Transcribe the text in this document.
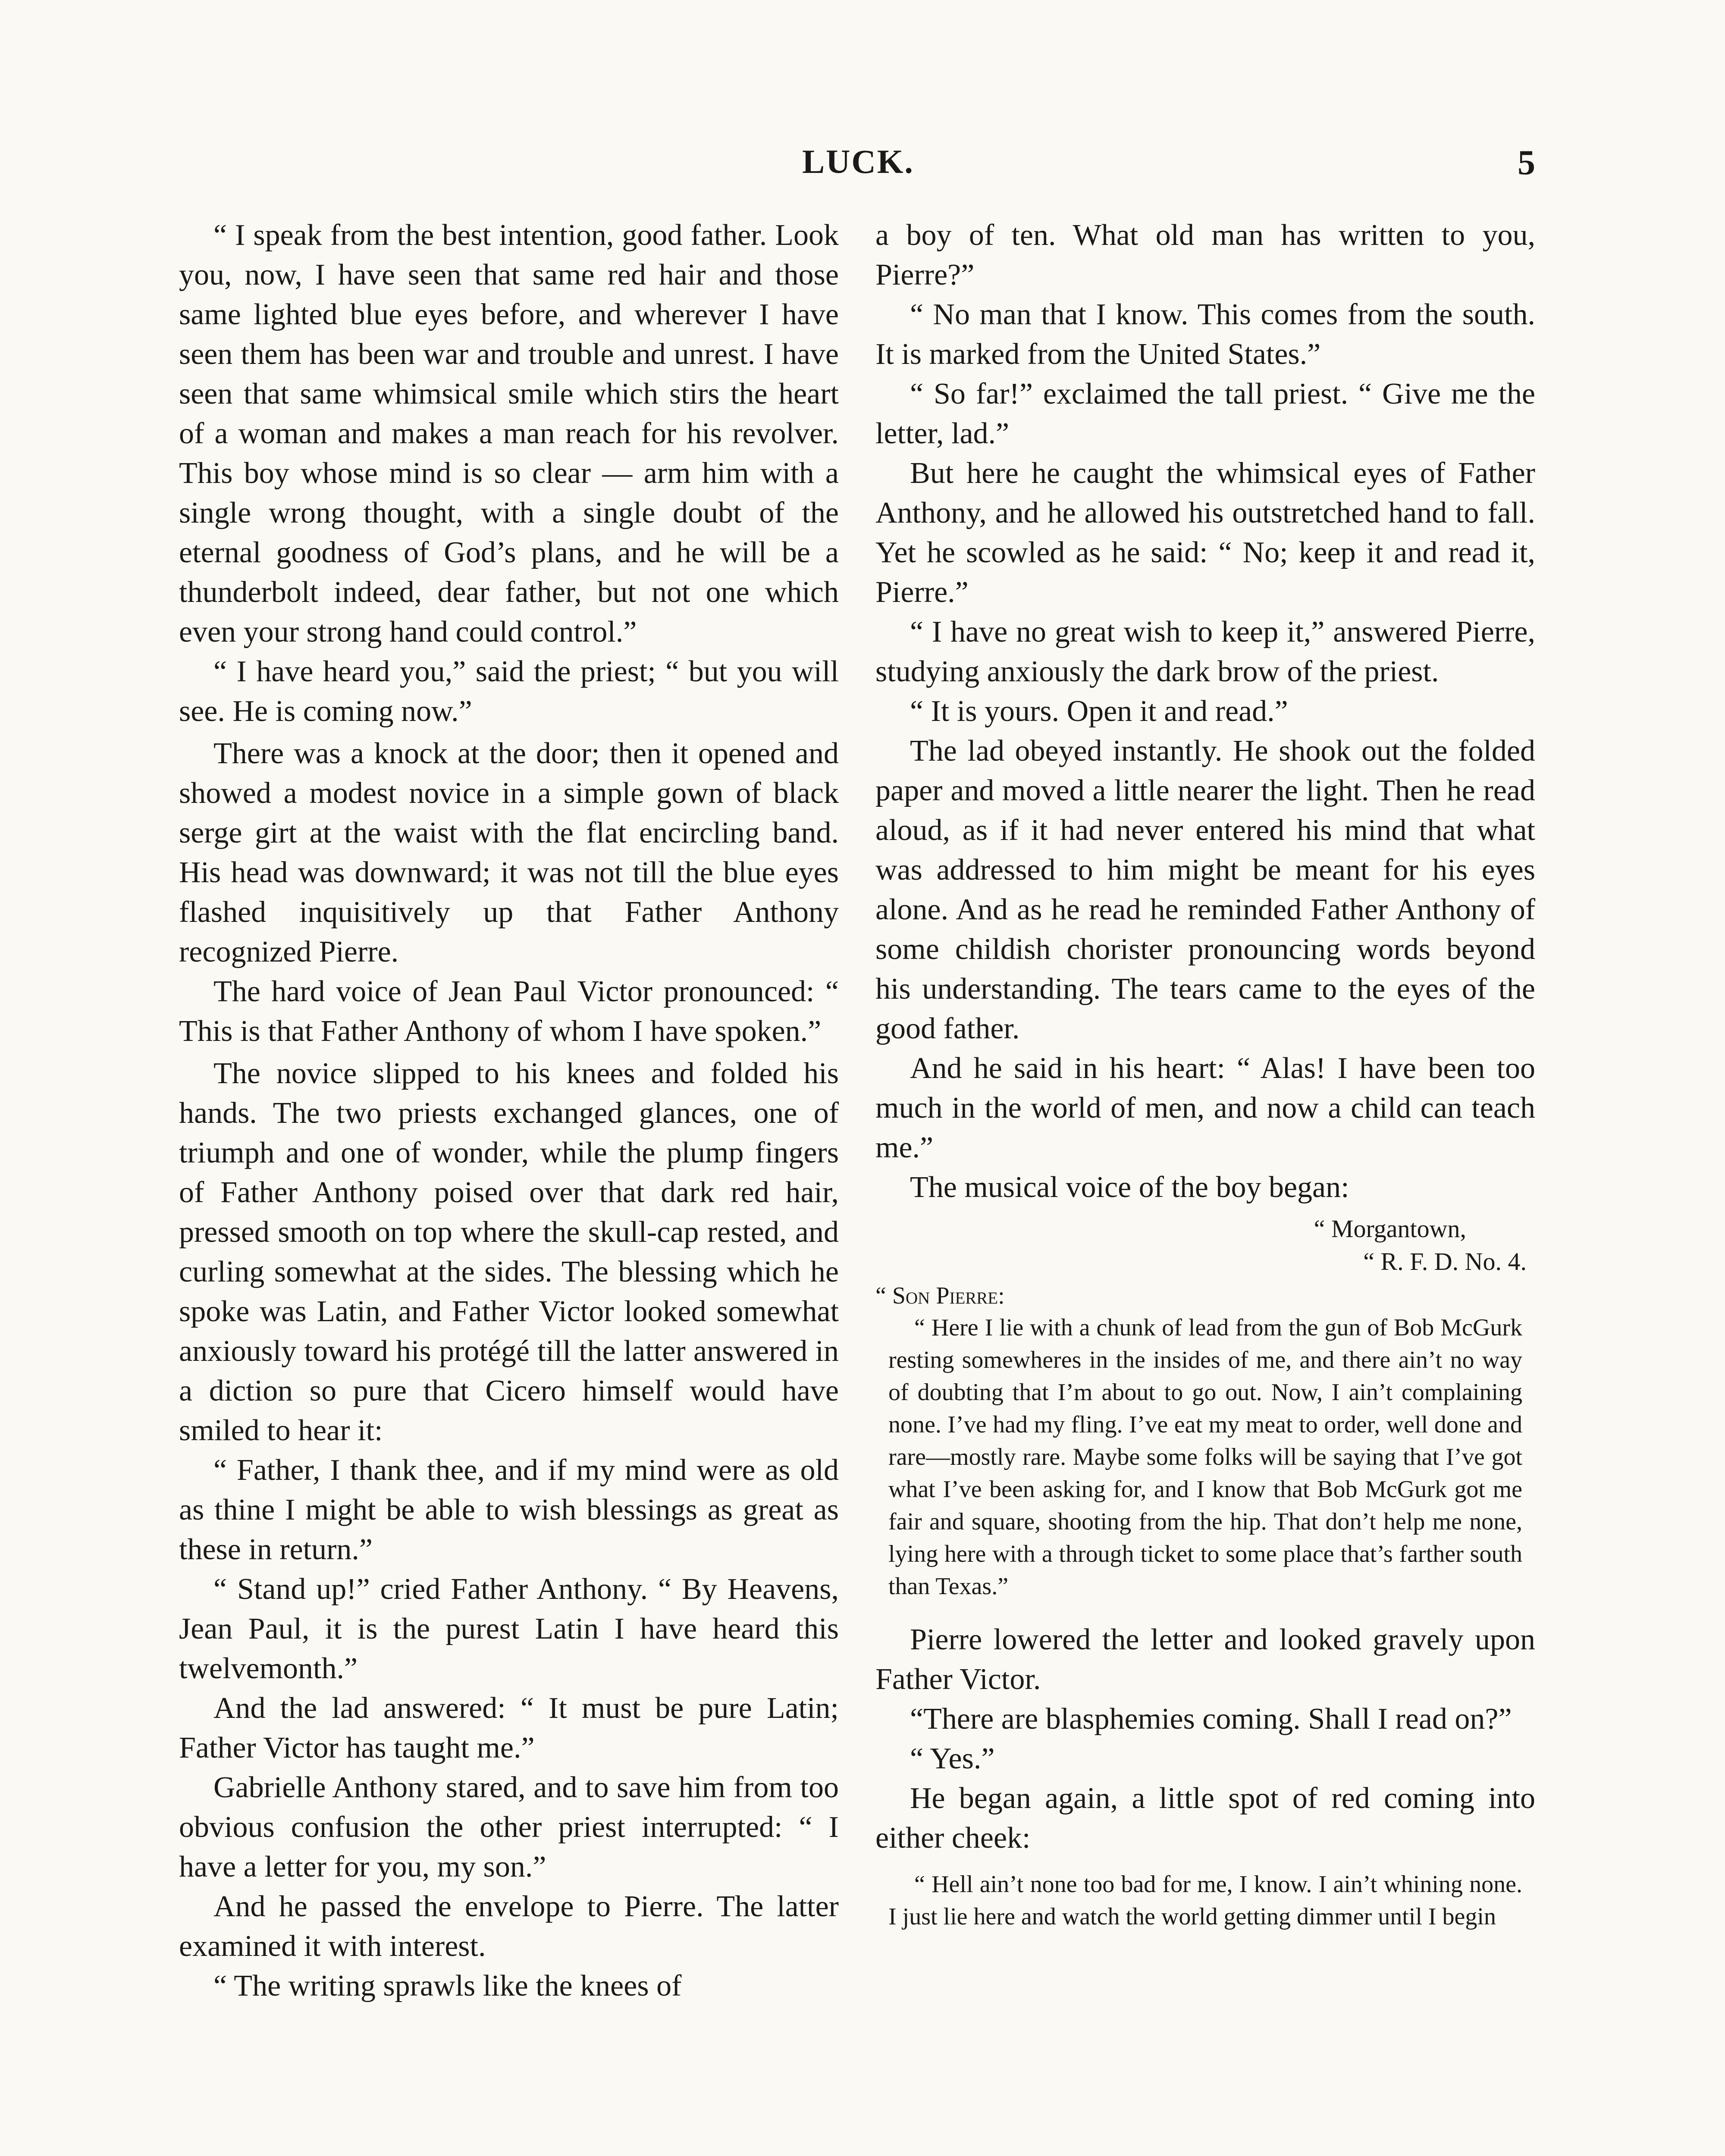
LUCK.	5

“ I speak from the best intention, good father. Look you, now, I have seen that same red hair and those same lighted blue eyes before, and wherever I have seen them has been war and trouble and unrest. I have seen that same whimsical smile which stirs the heart of a woman and makes a man reach for his revolver. This boy whose mind is so clear — arm him with a single wrong thought, with a single doubt of the eternal goodness of God’s plans, and he will be a thunderbolt indeed, dear father, but not one which even your strong hand could control.”

“ I have heard you,” said the priest; “ but you will see. He is coming now.”

There was a knock at the door; then it opened and showed a modest novice in a simple gown of black serge girt at the waist with the flat encircling band. His head was downward; it was not till the blue eyes flashed inquisitively up that Father Anthony recognized Pierre.

The hard voice of Jean Paul Victor pronounced: “ This is that Father Anthony of whom I have spoken.”

The novice slipped to his knees and folded his hands. The two priests exchanged glances, one of triumph and one of wonder, while the plump fingers of Father Anthony poised over that dark red hair, pressed smooth on top where the skull-cap rested, and curling somewhat at the sides. The blessing which he spoke was Latin, and Father Victor looked somewhat anxiously toward his protégé till the latter answered in a diction so pure that Cicero himself would have smiled to hear it:

“ Father, I thank thee, and if my mind were as old as thine I might be able to wish blessings as great as these in return.”

“ Stand up!” cried Father Anthony. “ By Heavens, Jean Paul, it is the purest Latin I have heard this twelvemonth.”

And the lad answered: “ It must be pure Latin; Father Victor has taught me.”

Gabrielle Anthony stared, and to save him from too obvious confusion the other priest interrupted: “ I have a letter for you, my son.”

And he passed the envelope to Pierre. The latter examined it with interest.

“ The writing sprawls like the knees of

a boy of ten. What old man has written to you, Pierre?”

“ No man that I know. This comes from the south. It is marked from the United States.”

“ So far!” exclaimed the tall priest. “ Give me the letter, lad.”

But here he caught the whimsical eyes of Father Anthony, and he allowed his outstretched hand to fall. Yet he scowled as he said: “ No; keep it and read it, Pierre.”

“ I have no great wish to keep it,” answered Pierre, studying anxiously the dark brow of the priest.

“ It is yours. Open it and read.”

The lad obeyed instantly. He shook out the folded paper and moved a little nearer the light. Then he read aloud, as if it had never entered his mind that what was addressed to him might be meant for his eyes alone. And as he read he reminded Father Anthony of some childish chorister pronouncing words beyond his understanding. The tears came to the eyes of the good father.

And he said in his heart: “ Alas! I have been too much in the world of men, and now a child can teach me.”

The musical voice of the boy began:

“ Morgantown,
“ R. F. D. No. 4.
“ Son Pierre:

“ Here I lie with a chunk of lead from the gun of Bob McGurk resting somewheres in the insides of me, and there ain’t no way of doubting that I’m about to go out. Now, I ain’t complaining none. I’ve had my fling. I’ve eat my meat to order, well done and rare—mostly rare. Maybe some folks will be saying that I’ve got what I’ve been asking for, and I know that Bob McGurk got me fair and square, shooting from the hip. That don’t help me none, lying here with a through ticket to some place that’s farther south than Texas.”

Pierre lowered the letter and looked gravely upon Father Victor.

“There are blasphemies coming. Shall I read on?”

“ Yes.”

He began again, a little spot of red coming into either cheek:

“ Hell ain’t none too bad for me, I know. I ain’t whining none. I just lie here and watch the world getting dimmer until I begin
